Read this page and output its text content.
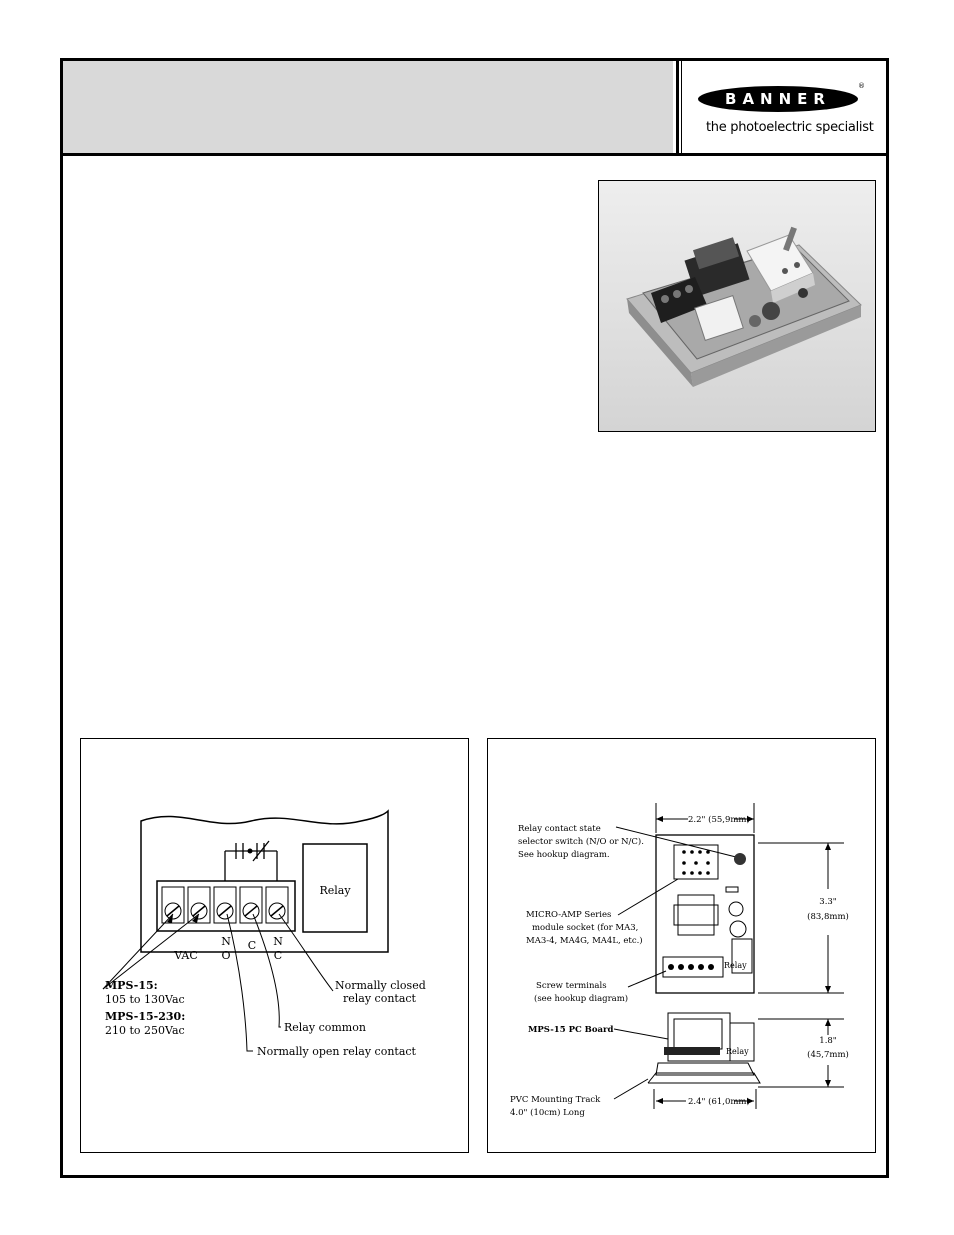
BANNER
®
the photoelectric specialist
Relay
VAC
N
O
C N
C
MPS-15:
105 to 130Vac
MPS-15-230:
210 to 250Vac
Normally closed
relay contact
Relay common
Normally open relay contact
2.2" (55,9mm)
Relay contact state
selector switch (N/O or N/C).
See hookup diagram.
3.3"
(83,8mm)
MICRO-AMP Series
module socket (for MA3,
MA3-4, MA4G, MA4L, etc.)
Relay
Screw terminals
(see hookup diagram)
MPS-15 PC Board
Relay
1.8"
(45,7mm)
PVC Mounting Track
4.0" (10cm) Long
2.4" (61,0mm)
